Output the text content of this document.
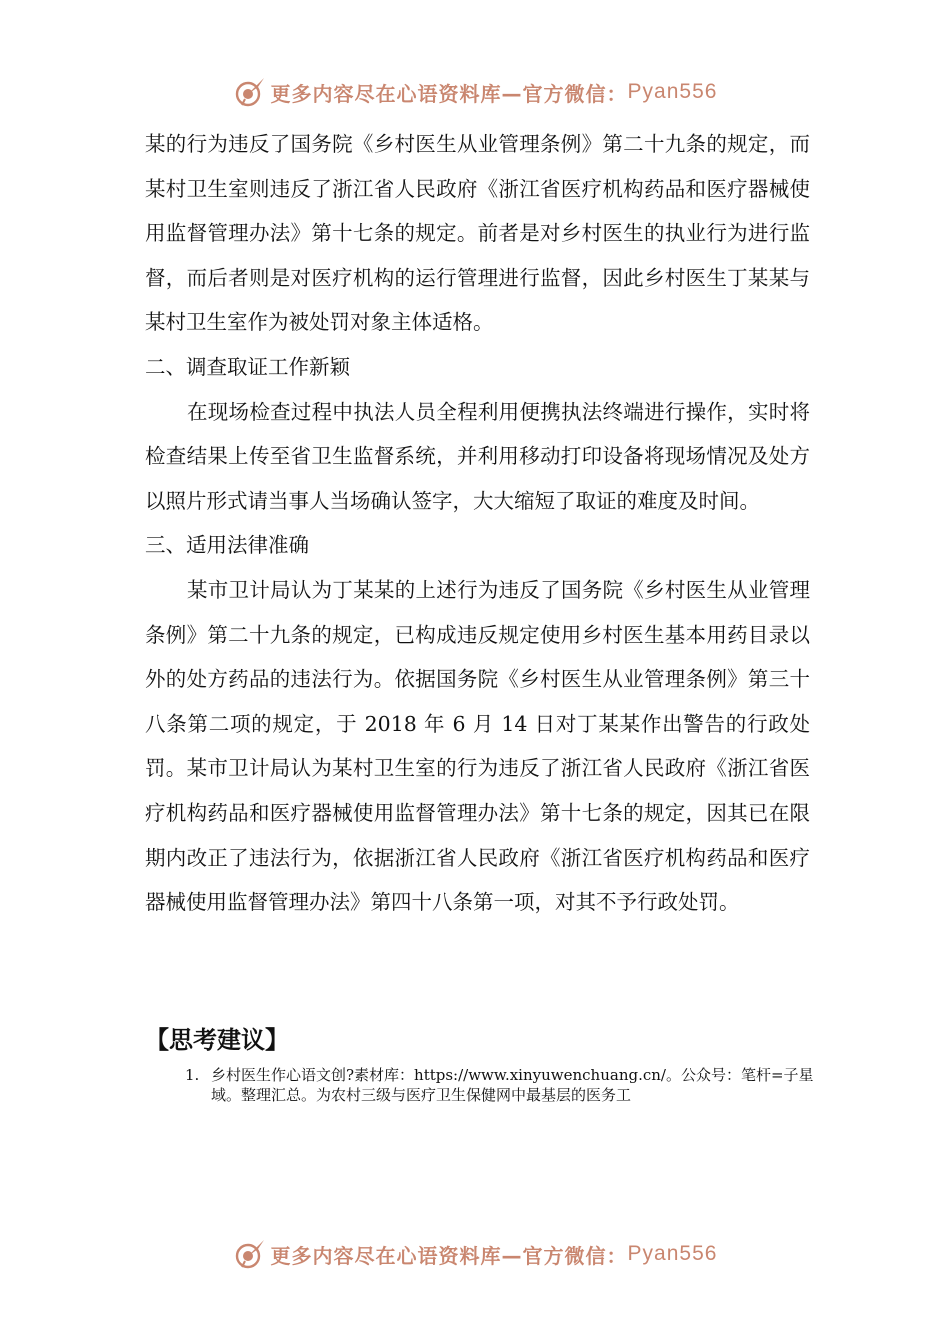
更多内容尽在心语资料库—官方微信： Pyan556

某的行为违反了国务院《乡村医生从业管理条例》第二十九条的规定，而某村卫生室则违反了浙江省人民政府《浙江省医疗机构药品和医疗器械使用监督管理办法》第十七条的规定。前者是对乡村医生的执业行为进行监督，而后者则是对医疗机构的运行管理进行监督，因此乡村医生丁某某与某村卫生室作为被处罚对象主体适格。

二、调查取证工作新颖

在现场检查过程中执法人员全程利用便携执法终端进行操作，实时将检查结果上传至省卫生监督系统，并利用移动打印设备将现场情况及处方以照片形式请当事人当场确认签字，大大缩短了取证的难度及时间。

三、适用法律准确

某市卫计局认为丁某某的上述行为违反了国务院《乡村医生从业管理条例》第二十九条的规定，已构成违反规定使用乡村医生基本用药目录以外的处方药品的违法行为。依据国务院《乡村医生从业管理条例》第三十八条第二项的规定，于 2018 年 6 月 14 日对丁某某作出警告的行政处罚。某市卫计局认为某村卫生室的行为违反了浙江省人民政府《浙江省医疗机构药品和医疗器械使用监督管理办法》第十七条的规定，因其已在限期内改正了违法行为，依据浙江省人民政府《浙江省医疗机构药品和医疗器械使用监督管理办法》第四十八条第一项，对其不予行政处罚。

【思考建议】

1. 乡村医生作心语文创?素材库：https://www.xinyuwenchuang.cn/。公众号：笔杆=子星域。整理汇总。为农村三级与医疗卫生保健网中最基层的医务工
更多内容尽在心语资料库—官方微信： Pyan556
